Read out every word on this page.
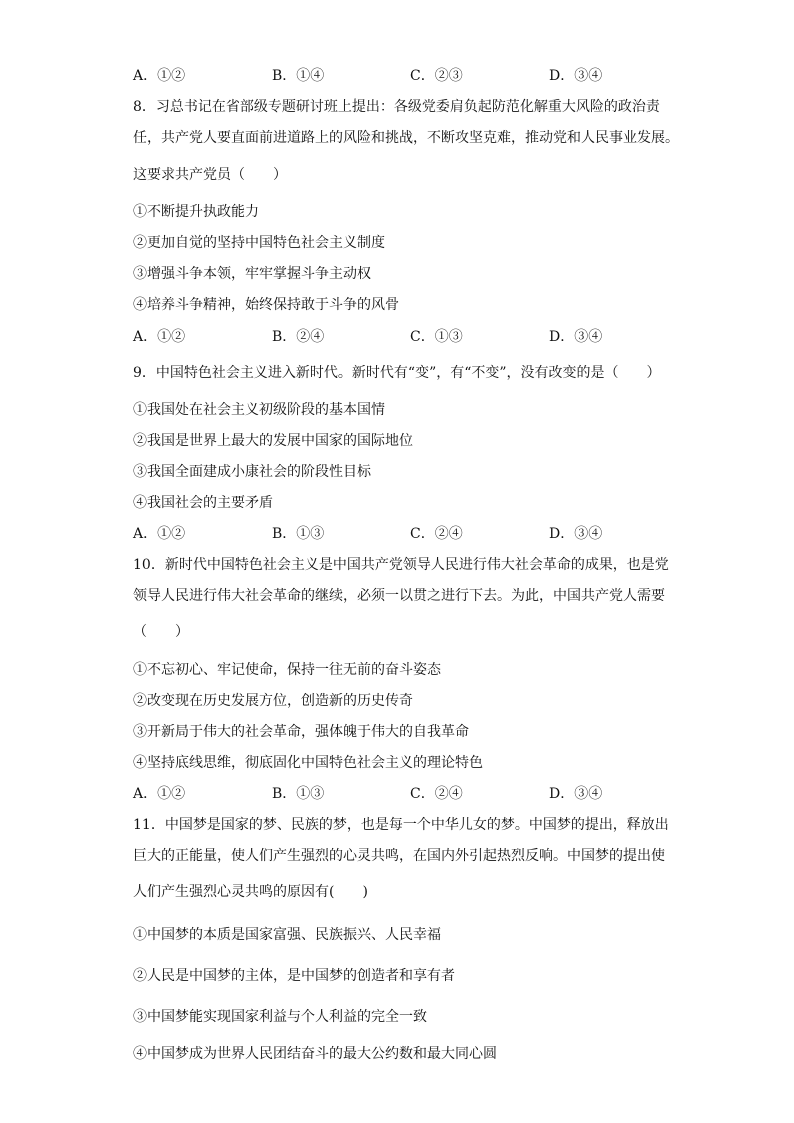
A．①②	B．①④	C．②③	D．③④
8．习总书记在省部级专题研讨班上提出：各级党委肩负起防范化解重大风险的政治责
任，共产党人要直面前进道路上的风险和挑战，不断攻坚克难，推动党和人民事业发展。
这要求共产党员（　　）
①不断提升执政能力
②更加自觉的坚持中国特色社会主义制度
③增强斗争本领，牢牢掌握斗争主动权
④培养斗争精神，始终保持敢于斗争的风骨
A．①②	B．②④	C．①③	D．③④
9．中国特色社会主义进入新时代。新时代有“变”，有“不变”，没有改变的是（　　）
①我国处在社会主义初级阶段的基本国情
②我国是世界上最大的发展中国家的国际地位
③我国全面建成小康社会的阶段性目标
④我国社会的主要矛盾
A．①②	B．①③	C．②④	D．③④
10．新时代中国特色社会主义是中国共产党领导人民进行伟大社会革命的成果，也是党
领导人民进行伟大社会革命的继续，必须一以贯之进行下去。为此，中国共产党人需要
（　　）
①不忘初心、牢记使命，保持一往无前的奋斗姿态
②改变现在历史发展方位，创造新的历史传奇
③开新局于伟大的社会革命，强体魄于伟大的自我革命
④坚持底线思维，彻底固化中国特色社会主义的理论特色
A．①②	B．①③	C．②④	D．③④
11．中国梦是国家的梦、民族的梦，也是每一个中华儿女的梦。中国梦的提出，释放出
巨大的正能量，使人们产生强烈的心灵共鸣，在国内外引起热烈反响。中国梦的提出使
人们产生强烈心灵共鸣的原因有(　　)
①中国梦的本质是国家富强、民族振兴、人民幸福
②人民是中国梦的主体，是中国梦的创造者和享有者
③中国梦能实现国家利益与个人利益的完全一致
④中国梦成为世界人民团结奋斗的最大公约数和最大同心圆
